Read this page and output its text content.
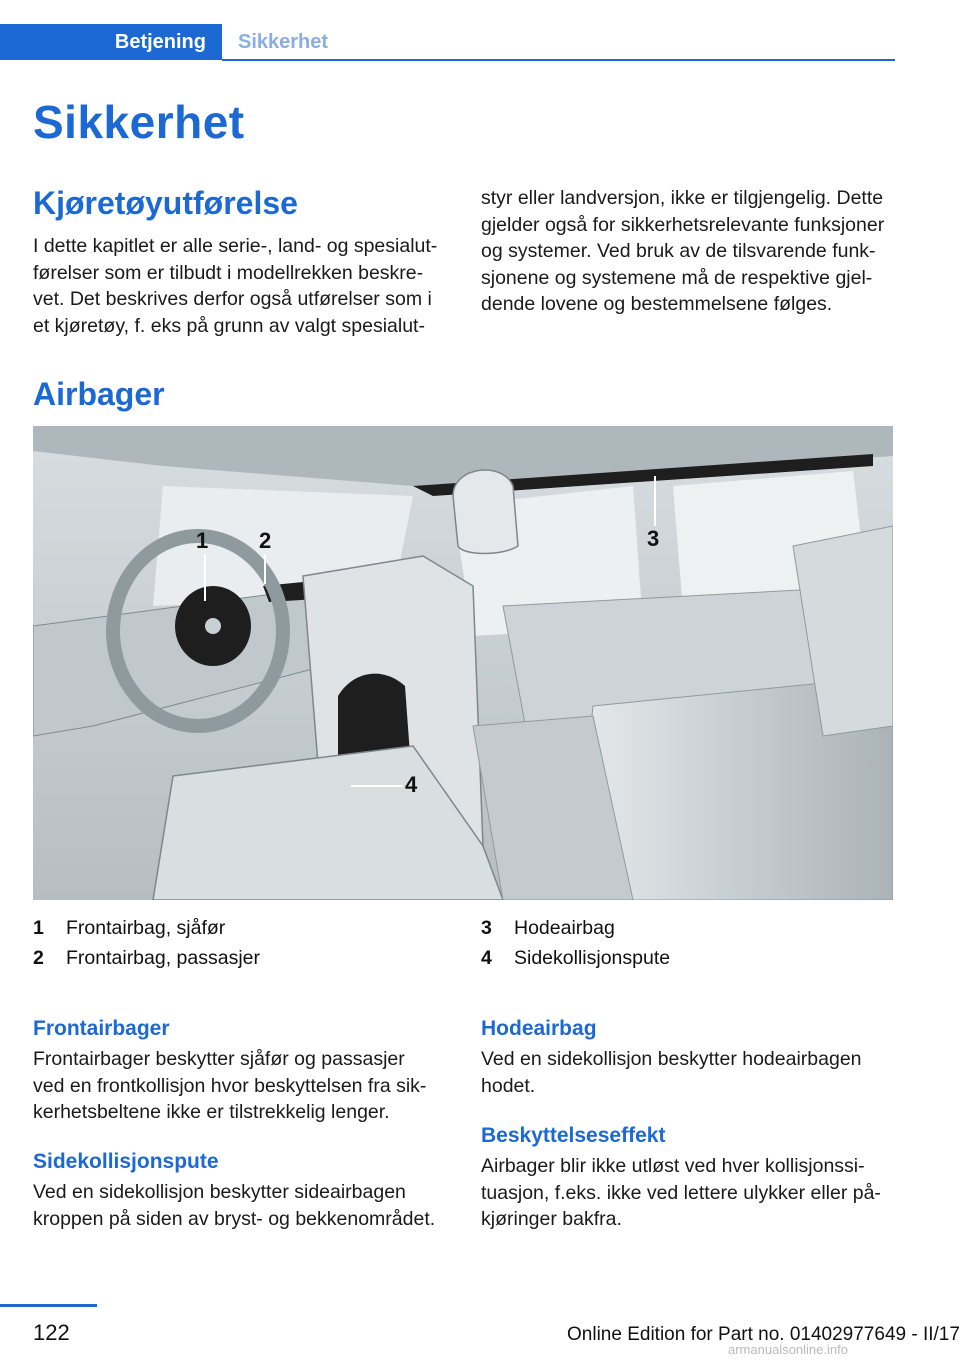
Betjening	Sikkerhet
Sikkerhet
Kjøretøyutførelse
I dette kapitlet er alle serie-, land- og spesialut-
førelser som er tilbudt i modellrekken beskre-
vet. Det beskrives derfor også utførelser som i
et kjøretøy, f. eks på grunn av valgt spesialut-
styr eller landversjon, ikke er tilgjengelig. Dette
gjelder også for sikkerhetsrelevante funksjoner
og systemer. Ved bruk av de tilsvarende funk-
sjonene og systemene må de respektive gjel-
dende lovene og bestemmelsene følges.
Airbager
1 2	3
4
1 Frontairbag, sjåfør
2 Frontairbag, passasjer
3 Hodeairbag
4 Sidekollisjonspute
Frontairbager
Frontairbager beskytter sjåfør og passasjer
ved en frontkollisjon hvor beskyttelsen fra sik-
kerhetsbeltene ikke er tilstrekkelig lenger.
Sidekollisjonspute
Ved en sidekollisjon beskytter sideairbagen
kroppen på siden av bryst- og bekkenområdet.
Hodeairbag
Ved en sidekollisjon beskytter hodeairbagen
hodet.
Beskyttelseseffekt
Airbager blir ikke utløst ved hver kollisjonssi-
tuasjon, f.eks. ikke ved lettere ulykker eller på-
kjøringer bakfra.
122	Online Edition for Part no. 01402977649 - II/17
armanualsonline.info
